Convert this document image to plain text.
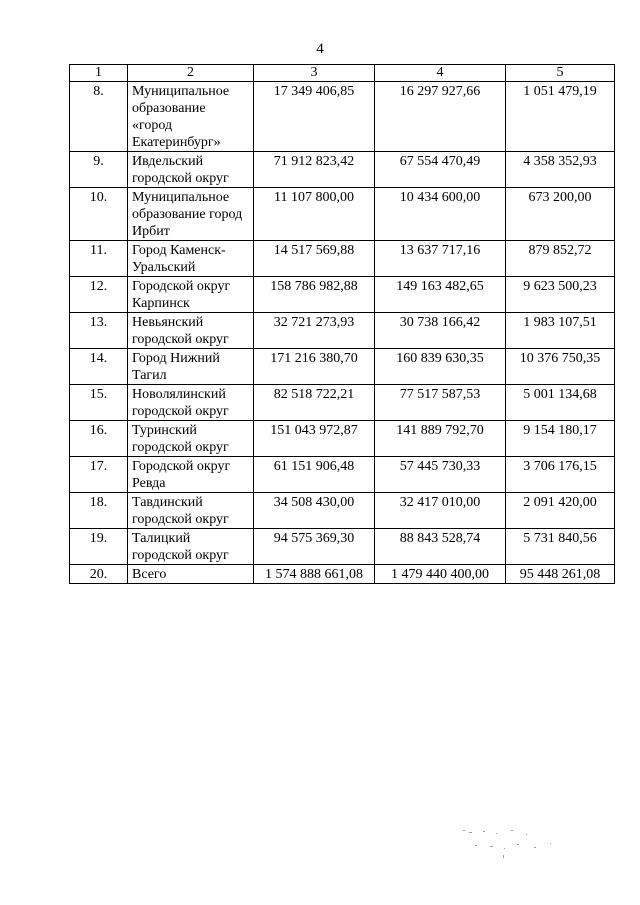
4
1	2	3	4	5
8.	Муниципальное образование «город Екатеринбург»	17 349 406,85	16 297 927,66	1 051 479,19
9.	Ивдельский городской округ	71 912 823,42	67 554 470,49	4 358 352,93
10.	Муниципальное образование город Ирбит	11 107 800,00	10 434 600,00	673 200,00
11.	Город Каменск-Уральский	14 517 569,88	13 637 717,16	879 852,72
12.	Городской округ Карпинск	158 786 982,88	149 163 482,65	9 623 500,23
13.	Невьянский городской округ	32 721 273,93	30 738 166,42	1 983 107,51
14.	Город Нижний Тагил	171 216 380,70	160 839 630,35	10 376 750,35
15.	Новолялинский городской округ	82 518 722,21	77 517 587,53	5 001 134,68
16.	Туринский городской округ	151 043 972,87	141 889 792,70	9 154 180,17
17.	Городской округ Ревда	61 151 906,48	57 445 730,33	3 706 176,15
18.	Тавдинский городской округ	34 508 430,00	32 417 010,00	2 091 420,00
19.	Талицкий городской округ	94 575 369,30	88 843 528,74	5 731 840,56
20.	Всего	1 574 888 661,08	1 479 440 400,00	95 448 261,08
